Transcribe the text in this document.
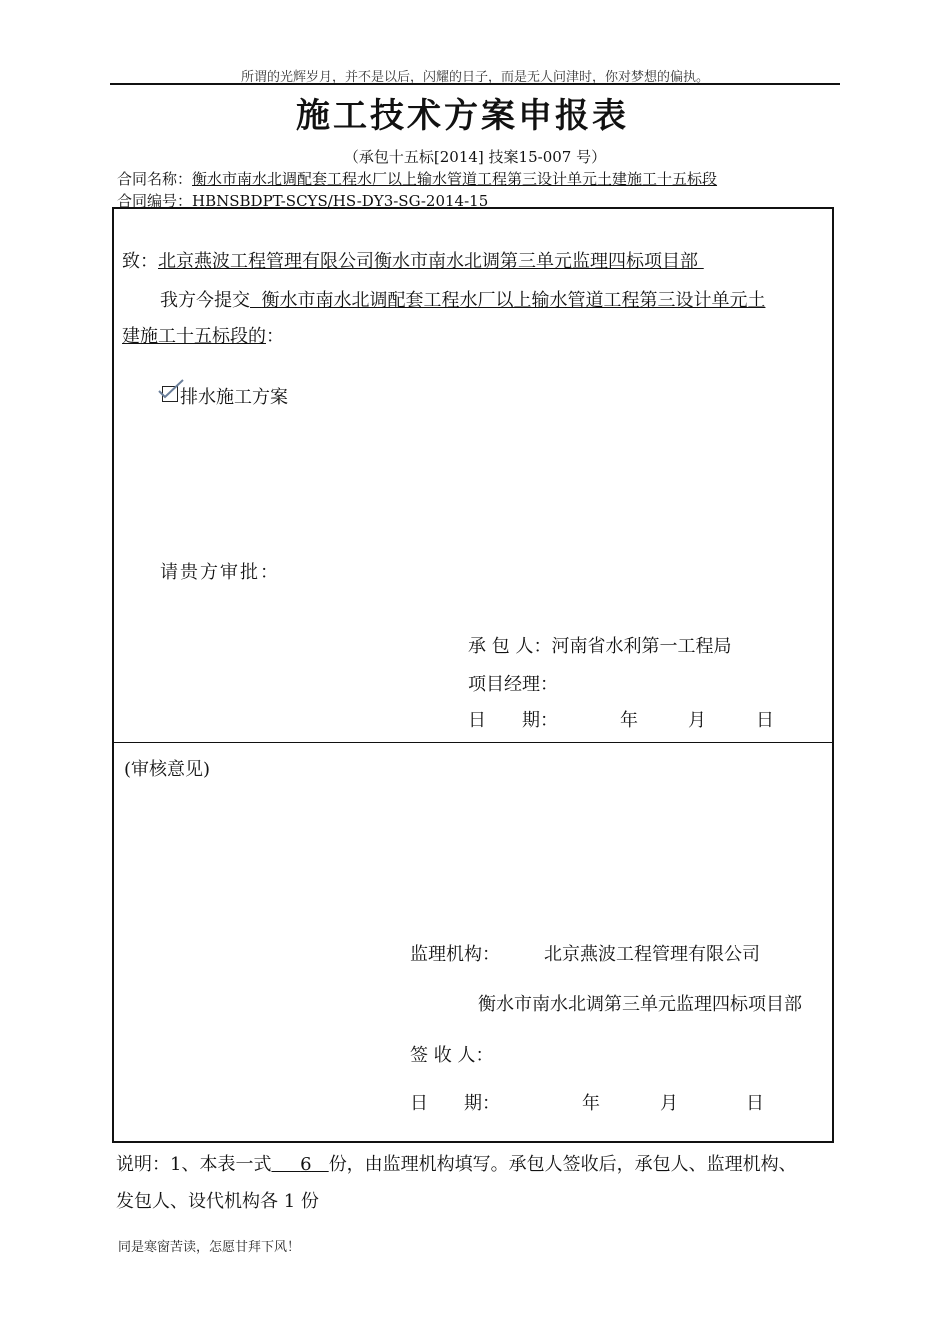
所谓的光辉岁月，并不是以后，闪耀的日子，而是无人问津时，你对梦想的偏执。
施工技术方案申报表
（承包十五标[2014] 技案15-007 号）
合同名称：衡水市南水北调配套工程水厂以上输水管道工程第三设计单元土建施工十五标段
合同编号：HBNSBDPT-SCYS/HS-DY3-SG-2014-15
致：北京燕波工程管理有限公司衡水市南水北调第三单元监理四标项目部
我方今提交 衡水市南水北调配套工程水厂以上输水管道工程第三设计单元土
建施工十五标段的：
排水施工方案
请贵方审批：
承 包 人：河南省水利第一工程局
项目经理：
日　　期：	年	月	日
(审核意见)
监理机构： 北京燕波工程管理有限公司
衡水市南水北调第三单元监理四标项目部
签 收 人：
日　　期：	年	月	日
说明：1、本表一式 6 份，由监理机构填写。承包人签收后，承包人、监理机构、
发包人、设代机构各 1 份
同是寒窗苦读，怎愿甘拜下风！
